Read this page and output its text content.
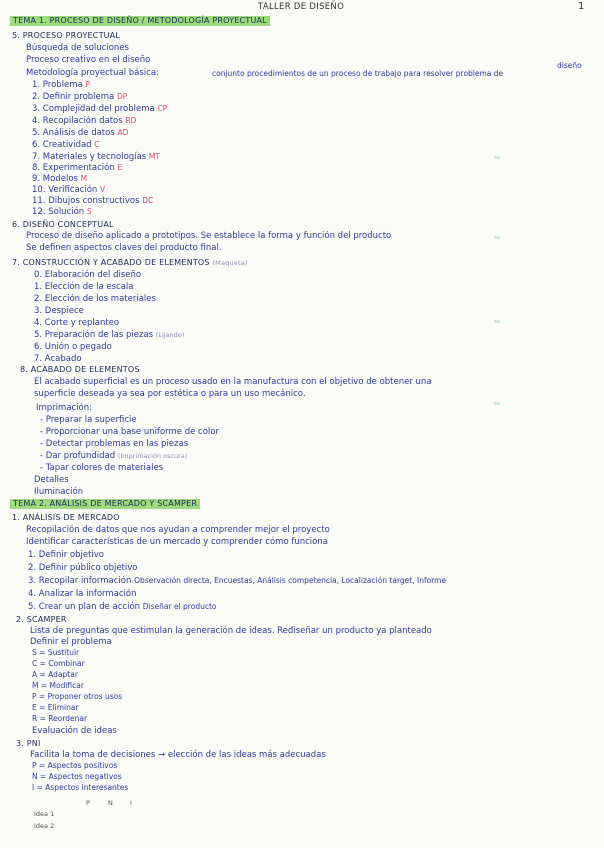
TALLER DE DISEÑO	1
TEMA 1. PROCESO DE DISEÑO / METODOLOGÍA PROYECTUAL
5. PROCESO PROYECTUAL
Búsqueda de soluciones
Proceso creativo en el diseño
Metodología proyectual básica:	conjunto procedimientos de un proceso de trabajo para resolver problema de
diseño
1. Problema P
2. Definir problema DP
3. Complejidad del problema CP
4. Recopilación datos RD
5. Análisis de datos AD
6. Creatividad C
7. Materiales y tecnologías MT
8. Experimentación E
9. Modelos M
10. Verificación V
11. Dibujos constructivos DC
12. Solución S
6. DISEÑO CONCEPTUAL
Proceso de diseño aplicado a prototipos. Se establece la forma y función del producto
Se definen aspectos claves del producto final.
7. CONSTRUCCIÓN Y ACABADO DE ELEMENTOS (Maqueta)
0. Elaboración del diseño
1. Elección de la escala
2. Elección de los materiales
3. Despiece
4. Corte y replanteo
5. Preparación de las piezas (Lijando)
6. Unión o pegado
7. Acabado
8. ACABADO DE ELEMENTOS
El acabado superficial es un proceso usado en la manufactura con el objetivo de obtener una
superficie deseada ya sea por estética o para un uso mecánico.
Imprimación:
- Preparar la superficie
- Proporcionar una base uniforme de color
- Detectar problemas en las piezas
- Dar profundidad (Imprimación oscura)
- Tapar colores de materiales
Detalles
Iluminación
TEMA 2. ANÁLISIS DE MERCADO Y SCAMPER
1. ANÁLISIS DE MERCADO
Recopilación de datos que nos ayudan a comprender mejor el proyecto
Identificar características de un mercado y comprender cómo funciona
1. Definir objetivo
2. Definir público objetivo
3. Recopilar información Observación directa, Encuestas, Análisis competencia, Localización target, Informe
4. Analizar la información
5. Crear un plan de acción Diseñar el producto
2. SCAMPER
Lista de preguntas que estimulan la generación de ideas. Rediseñar un producto ya planteado
Definir el problema
S = Sustituir
C = Combinar
A = Adaptar
M = Modificar
P = Proponer otros usos
E = Eliminar
R = Reordenar
Evaluación de ideas
3. PNI
Facilita la toma de decisiones → elección de las ideas más adecuadas
P = Aspectos positivos
N = Aspectos negativos
I = Aspectos interesantes
P	N	I
Idea 1
Idea 2
